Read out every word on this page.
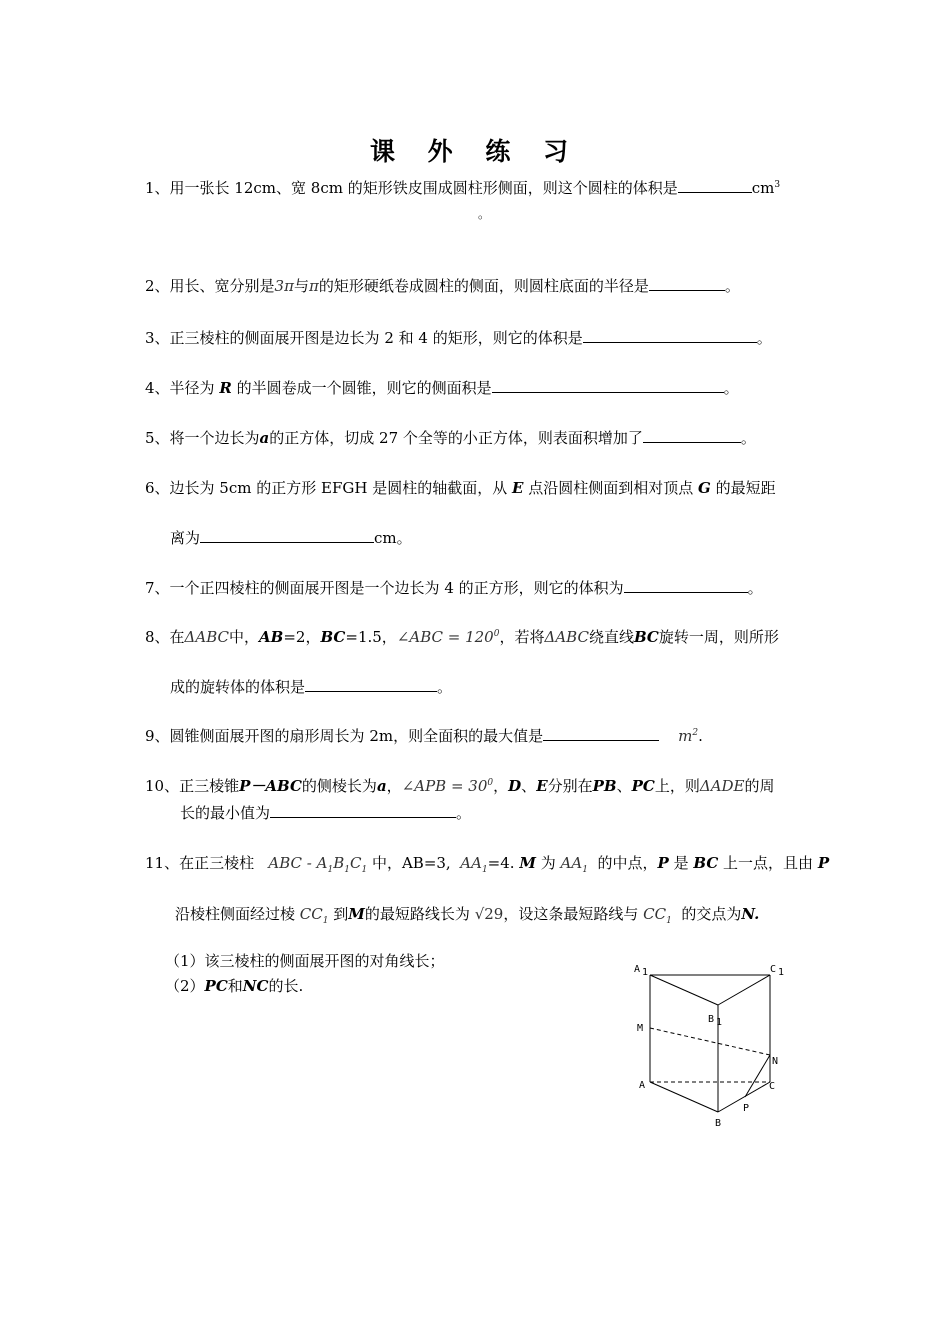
课 外 练 习
1、用一张长 12cm、宽 8cm 的矩形铁皮围成圆柱形侧面，则这个圆柱的体积是	$cm^3$
。
2、用长、宽分别是3π与π的矩形硬纸卷成圆柱的侧面，则圆柱底面的半径是	。
3、正三棱柱的侧面展开图是边长为 2 和 4 的矩形，则它的体积是	。
4、半径为 R 的半圆卷成一个圆锥，则它的侧面积是	。
5、将一个边长为a的正方体，切成 27 个全等的小正方体，则表面积增加了	。
6、边长为 5cm 的正方形 EFGH 是圆柱的轴截面，从 E 点沿圆柱侧面到相对顶点 G 的最短距
离为	cm。
7、一个正四棱柱的侧面展开图是一个边长为 4 的正方形，则它的体积为	。
8、在ΔABC中，AB=2，BC=1.5，∠ABC = $120^0$，若将ΔABC绕直线BC旋转一周，则所形
成的旋转体的体积是	。
9、圆锥侧面展开图的扇形周长为 2m，则全面积的最大值是	$m^2$.
10、正三棱锥P－ABC的侧棱长为a，∠APB = $30^0$，D、E分别在PB、PC上，则ΔADE的周
长的最小值为	。
11、在正三棱柱 ABC - $A_1B_1C_1$ 中，AB=3, $AA_1=4$. M 为 $AA_1$ 的中点，P 是 BC 上一点，且由 P
沿棱柱侧面经过棱 $CC_1$ 到M的最短路线长为 √29，设这条最短路线与 $CC_1$ 的交点为N.
（1）该三棱柱的侧面展开图的对角线长；
（2）PC和NC的长.
A 1	C 1
B 1
M
N
A	C
P
B
